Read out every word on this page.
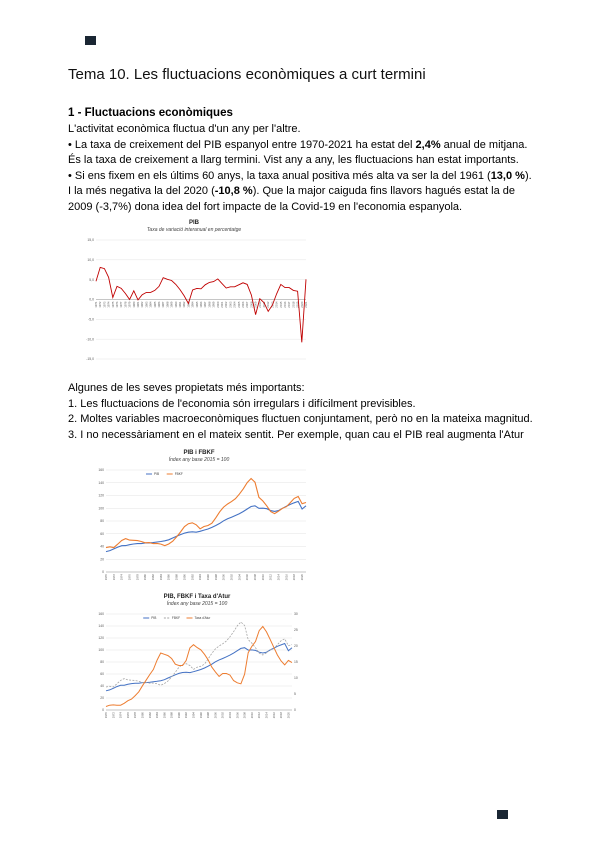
Tema 10. Les fluctuacions econòmiques a curt termini
1 - Fluctuacions econòmiques

L'activitat econòmica fluctua d'un any per l'altre.

• La taxa de creixement del PIB espanyol entre 1970-2021 ha estat del 2,4% anual de mitjana.

És la taxa de creixement a llarg termini. Vist any a any, les fluctuacions han estat importants.

• Si ens fixem en els últims 60 anys, la taxa anual positiva més alta va ser la del 1961 (13,0 %). I la més negativa la del 2020 (-10,8 %). Que la major caiguda fins llavors hagués estat la de 2009 (-3,7%) dona idea del fort impacte de la Covid-19 en l'economia espanyola.

PIB
Taxa de variació interanual en percentatge
-15,0
-10,0
-5,0
0,0
5,0
10,0
15,0
1971 1972 1973 1974 1975 1976 1977 1978 1979 1980 1981 1982 1983 1984 1985 1986 1987 1988 1989 1990 1991 1992 1993 1994 1995 1996 1997 1998 1999 2000 2001 2002 2003 2004 2005 2006 2007 2008 2009 2010 2011 2012 2013 2014 2015 2016 2017 2018 2019 2020 2021

Algunes de les seves propietats més importants:

1. Les fluctuacions de l'economia són irregulars i difícilment previsibles.

2. Moltes variables macroeconòmiques fluctuen conjuntament, però no en la mateixa magnitud.

3. I no necessàriament en el mateix sentit. Per exemple, quan cau el PIB real augmenta l'Atur

PIB i FBKF
Índex any base 2015 = 100
0
20
40
60
80
100
120
140
160
1970 1972 1974 1976 1978 1980 1982 1984 1986 1988 1990 1992 1994 1996 1998 2000 2002 2004 2006 2008 2010 2012 2014 2016 2018 2020
PIB	FBKF
PIB, FBKF i Taxa d'Atur
Índex any base 2015 = 100
0
20
40
60
80
100
120
140
160
0
5
10
15
20
25
30
1970 1972 1974 1976 1978 1980 1982 1984 1986 1988 1990 1992 1994 1996 1998 2000 2002 2004 2006 2008 2010 2012 2014 2016 2018 2020
PIB	FBKF	Taxa d'Atur
